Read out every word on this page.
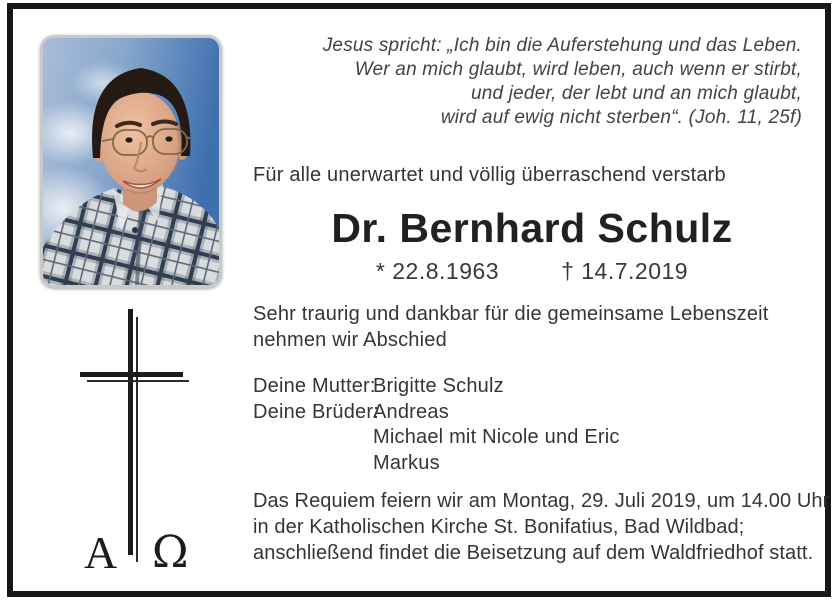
Jesus spricht: „Ich bin die Auferstehung und das Leben.
Wer an mich glaubt, wird leben, auch wenn er stirbt,
und jeder, der lebt und an mich glaubt,
wird auf ewig nicht sterben“. (Joh. 11, 25f)
Für alle unerwartet und völlig überraschend verstarb
Dr. Bernhard Schulz
* 22.8.1963	† 14.7.2019
Sehr traurig und dankbar für die gemeinsame Lebenszeit
nehmen wir Abschied
Deine Mutter:
Brigitte Schulz
Deine Brüder:
Andreas
Michael mit Nicole und Eric
Markus
Das Requiem feiern wir am Montag, 29. Juli 2019, um 14.00 Uhr
in der Katholischen Kirche St. Bonifatius, Bad Wildbad;
anschließend findet die Beisetzung auf dem Waldfriedhof statt.
A Ω
